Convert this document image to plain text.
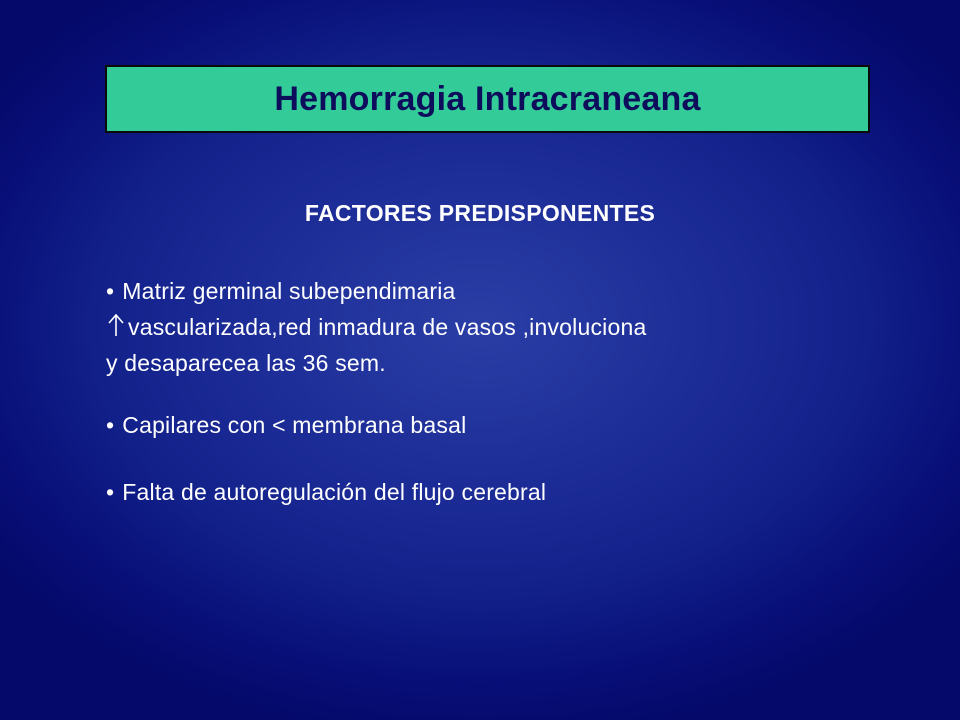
Hemorragia Intracraneana
FACTORES PREDISPONENTES
• Matriz germinal subependimaria
vascularizada,red inmadura de vasos ,involuciona
y desaparecea las 36 sem.
• Capilares con < membrana basal
• Falta de autoregulación del flujo cerebral
